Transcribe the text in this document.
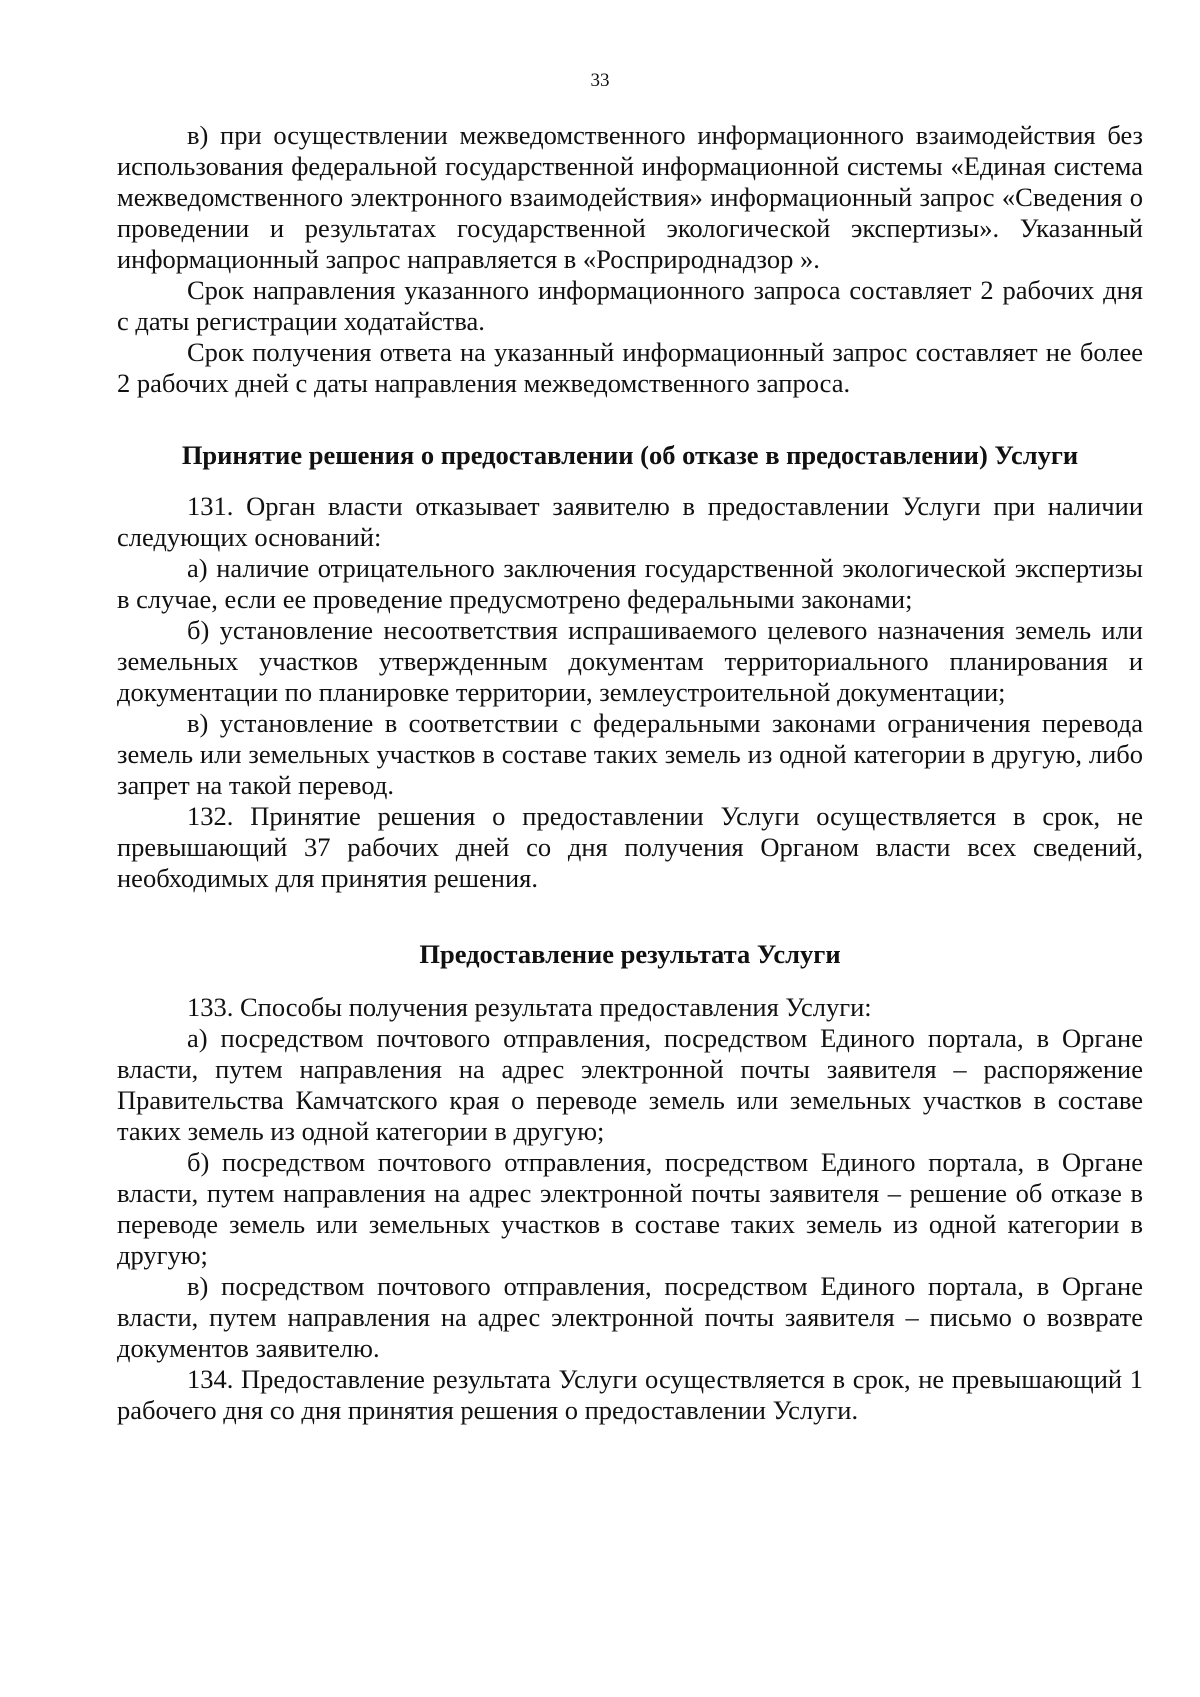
33

в) при осуществлении межведомственного информационного взаимодействия без использования федеральной государственной информационной системы «Единая система межведомственного электронного взаимодействия» информационный запрос «Сведения о проведении и результатах государственной экологической экспертизы». Указанный информационный запрос направляется в «Росприроднадзор ».

Срок направления указанного информационного запроса составляет 2 рабочих дня с даты регистрации ходатайства.

Срок получения ответа на указанный информационный запрос составляет не более 2 рабочих дней с даты направления межведомственного запроса.

Принятие решения о предоставлении (об отказе в предоставлении) Услуги

131. Орган власти отказывает заявителю в предоставлении Услуги при наличии следующих оснований:

а) наличие отрицательного заключения государственной экологической экспертизы в случае, если ее проведение предусмотрено федеральными законами;

б) установление несоответствия испрашиваемого целевого назначения земель или земельных участков утвержденным документам территориального планирования и документации по планировке территории, землеустроительной документации;

в) установление в соответствии с федеральными законами ограничения перевода земель или земельных участков в составе таких земель из одной категории в другую, либо запрет на такой перевод.

132. Принятие решения о предоставлении Услуги осуществляется в срок, не превышающий 37 рабочих дней со дня получения Органом власти всех сведений, необходимых для принятия решения.

Предоставление результата Услуги

133. Способы получения результата предоставления Услуги:

а) посредством почтового отправления, посредством Единого портала, в Органе власти, путем направления на адрес электронной почты заявителя – распоряжение Правительства Камчатского края о переводе земель или земельных участков в составе таких земель из одной категории в другую;

б) посредством почтового отправления, посредством Единого портала, в Органе власти, путем направления на адрес электронной почты заявителя – решение об отказе в переводе земель или земельных участков в составе таких земель из одной категории в другую;

в) посредством почтового отправления, посредством Единого портала, в Органе власти, путем направления на адрес электронной почты заявителя – письмо о возврате документов заявителю.

134. Предоставление результата Услуги осуществляется в срок, не превышающий 1 рабочего дня со дня принятия решения о предоставлении Услуги.
